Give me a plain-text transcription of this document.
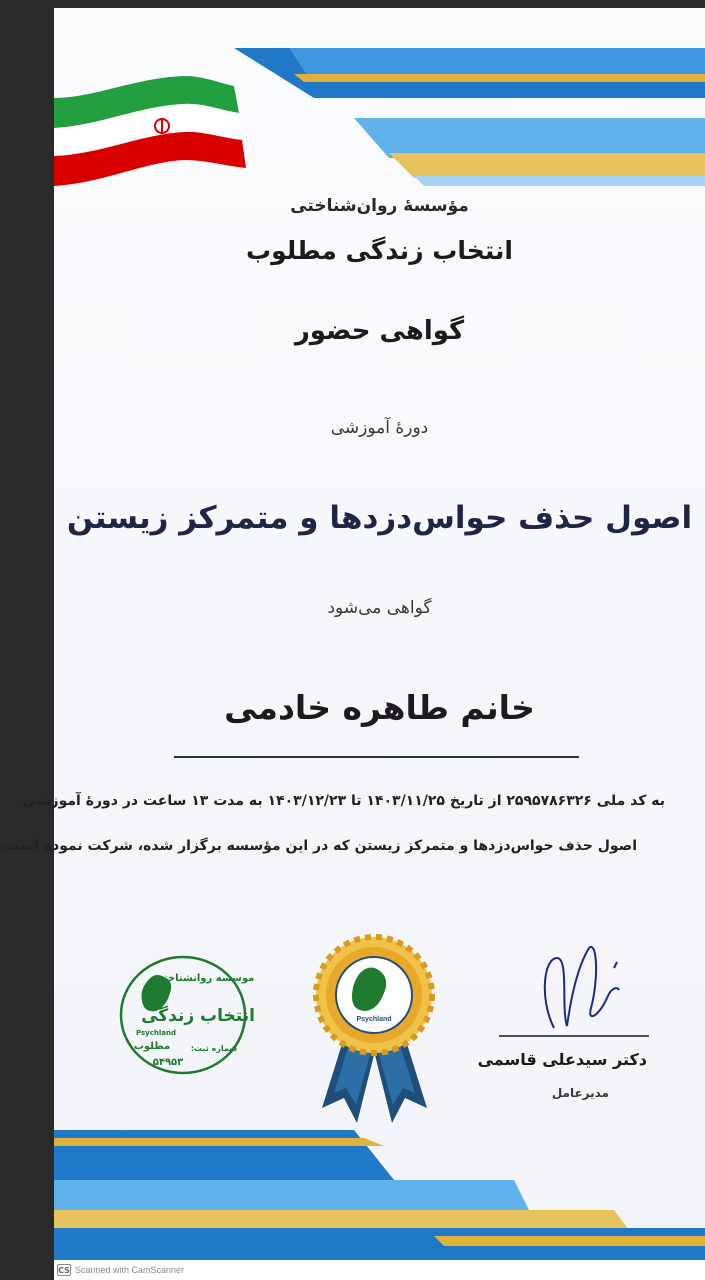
مؤسسۀ روان‌شناختی
انتخاب زندگی مطلوب
گواهی حضور
دورۀ آموزشی
اصول حذف حواس‌دزدها و متمرکز زیستن
گواهی می‌شود
خانم طاهره خادمی
به کد ملی ۲۵۹۵۷۸۶۳۲۶ از تاریخ ۱۴۰۳/۱۱/۲۵ تا ۱۴۰۳/۱۲/۲۳ به مدت ۱۳ ساعت در دورۀ آموزشی
اصول حذف حواس‌دزدها و متمرکز زیستن که در این مؤسسه برگزار شده، شرکت نموده است.
موسسه روانشناختی
انتخاب زندگی
Psychland
مطلوب	شماره ثبت:
۵۴۹۵۳
Psychland
دکتر سیدعلی قاسمی
مدیرعامل
CS Scanned with CamScanner
